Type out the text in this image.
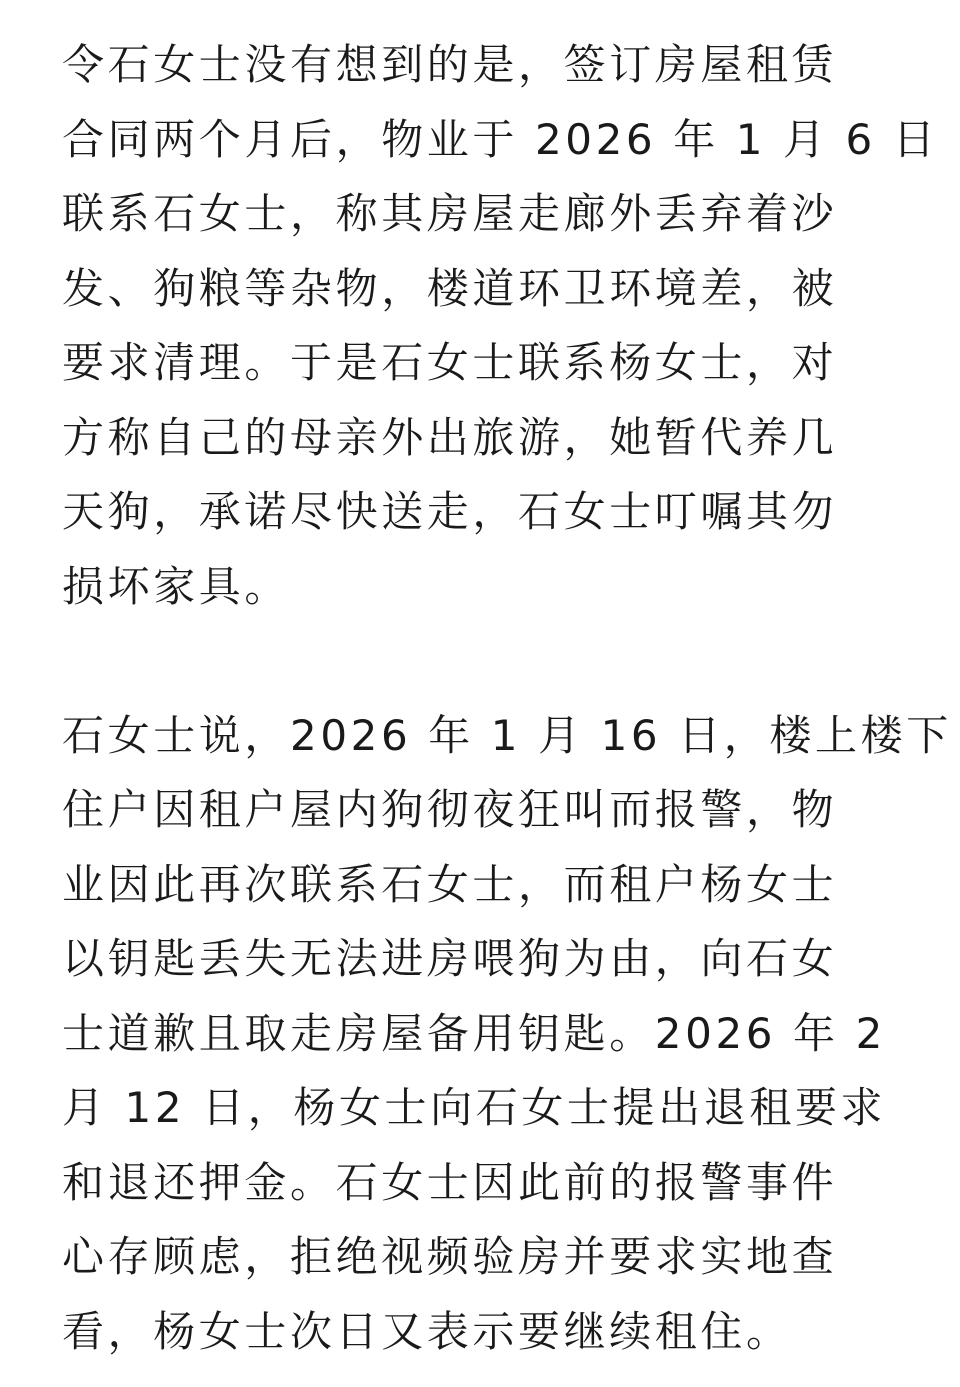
令石女士没有想到的是，签订房屋租赁
合同两个月后，物业于 2026 年 1 月 6 日
联系石女士，称其房屋走廊外丢弃着沙
发、狗粮等杂物，楼道环卫环境差，被
要求清理。于是石女士联系杨女士，对
方称自己的母亲外出旅游，她暂代养几
天狗，承诺尽快送走，石女士叮嘱其勿
损坏家具。
石女士说，2026 年 1 月 16 日，楼上楼下
住户因租户屋内狗彻夜狂叫而报警，物
业因此再次联系石女士，而租户杨女士
以钥匙丢失无法进房喂狗为由，向石女
士道歉且取走房屋备用钥匙。2026 年 2
月 12 日，杨女士向石女士提出退租要求
和退还押金。石女士因此前的报警事件
心存顾虑，拒绝视频验房并要求实地查
看，杨女士次日又表示要继续租住。
